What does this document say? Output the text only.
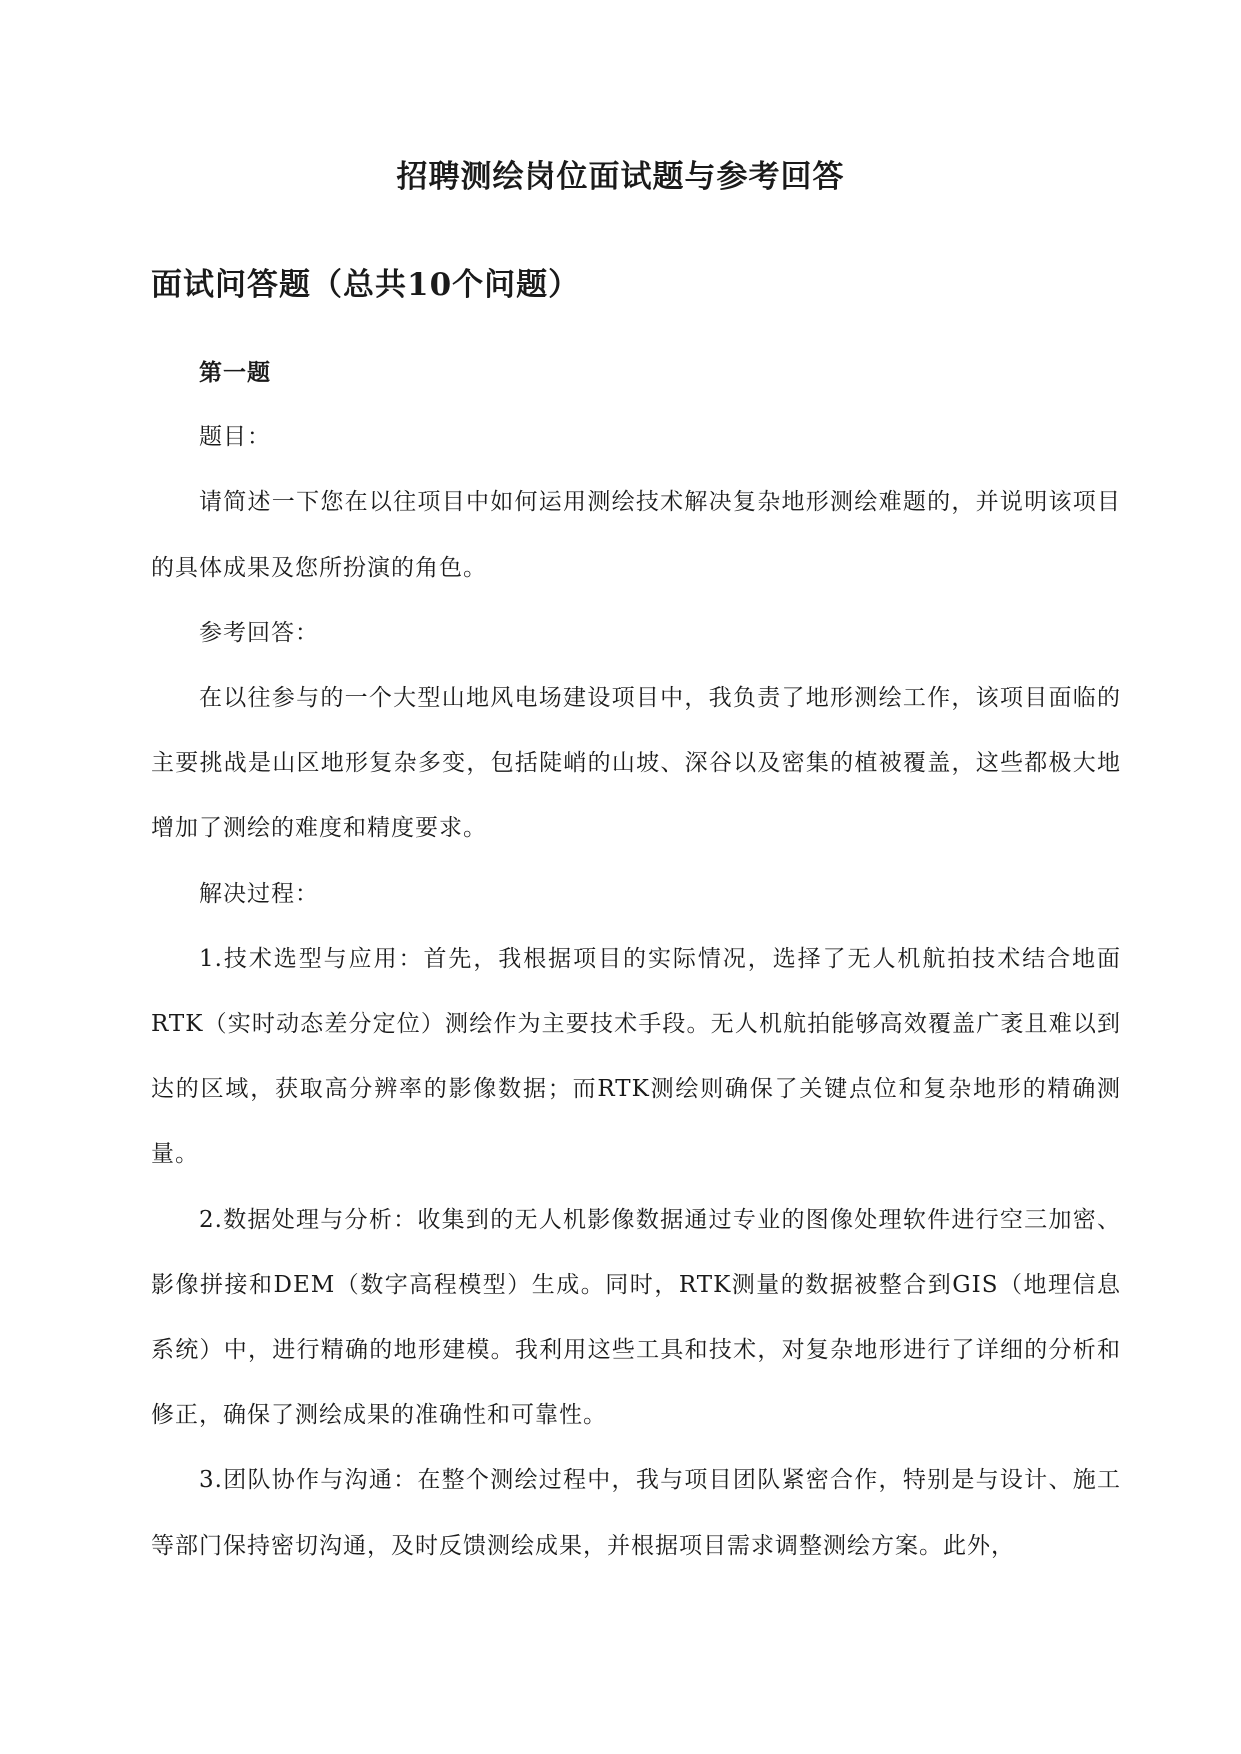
招聘测绘岗位面试题与参考回答
面试问答题（总共10个问题）

第一题

题目：

请简述一下您在以往项目中如何运用测绘技术解决复杂地形测绘难题的，并说明该项目的具体成果及您所扮演的角色。

参考回答：

在以往参与的一个大型山地风电场建设项目中，我负责了地形测绘工作，该项目面临的主要挑战是山区地形复杂多变，包括陡峭的山坡、深谷以及密集的植被覆盖，这些都极大地增加了测绘的难度和精度要求。

解决过程：

1.技术选型与应用：首先，我根据项目的实际情况，选择了无人机航拍技术结合地面RTK（实时动态差分定位）测绘作为主要技术手段。无人机航拍能够高效覆盖广袤且难以到达的区域，获取高分辨率的影像数据；而RTK测绘则确保了关键点位和复杂地形的精确测量。

2.数据处理与分析：收集到的无人机影像数据通过专业的图像处理软件进行空三加密、影像拼接和DEM（数字高程模型）生成。同时，RTK测量的数据被整合到GIS（地理信息系统）中，进行精确的地形建模。我利用这些工具和技术，对复杂地形进行了详细的分析和修正，确保了测绘成果的准确性和可靠性。

3.团队协作与沟通：在整个测绘过程中，我与项目团队紧密合作，特别是与设计、施工等部门保持密切沟通，及时反馈测绘成果，并根据项目需求调整测绘方案。此外，
